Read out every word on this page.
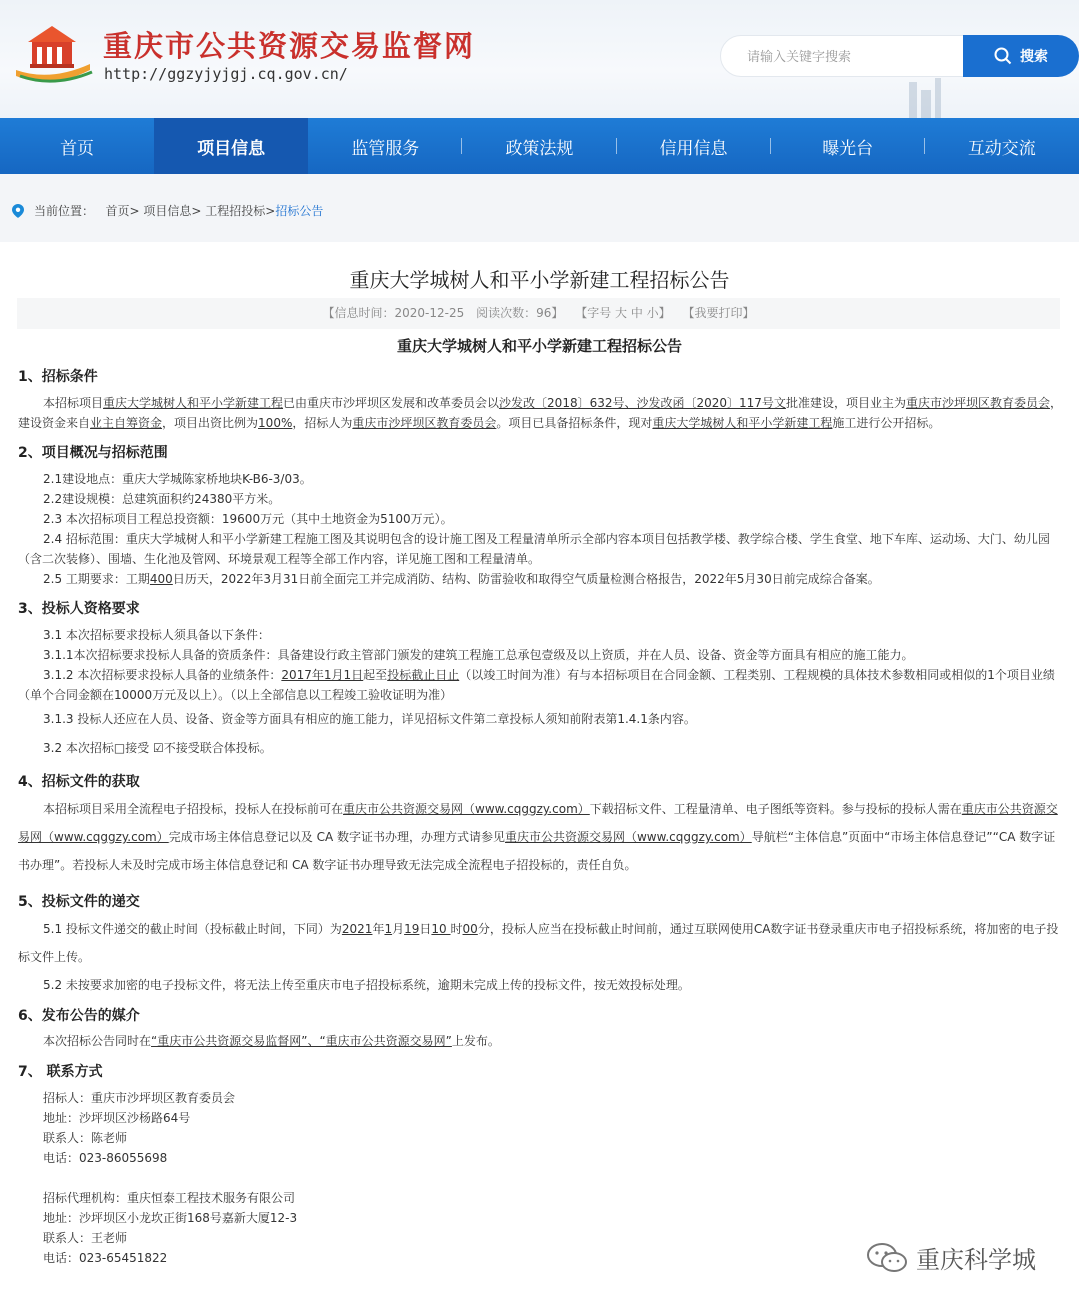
重庆市公共资源交易监督网
http://ggzyjyjgj.cq.gov.cn/
请输入关键字搜索
搜索
首页	项目信息	监管服务	政策法规	信用信息	曝光台	互动交流
当前位置：
首页 >
项目信息 >
工程招投标 > 招标公告
重庆大学城树人和平小学新建工程招标公告
【信息时间：2020-12-25 阅读次数：96】 【字号 大 中 小】 【我要打印】
重庆大学城树人和平小学新建工程招标公告
1、招标条件
本招标项目重庆大学城树人和平小学新建工程已由重庆市沙坪坝区发展和改革委员会以沙发改〔2018〕632号、沙发改函〔2020〕117号文批准建设，项目业主为重庆市沙坪坝区教育委员会，建设资金来自业主自筹资金，项目出资比例为100%，招标人为重庆市沙坪坝区教育委员会。项目已具备招标条件，现对重庆大学城树人和平小学新建工程施工进行公开招标。
2、项目概况与招标范围
2.1建设地点：重庆大学城陈家桥地块K-B6-3/03。
2.2建设规模：总建筑面积约24380平方米。
2.3 本次招标项目工程总投资额：19600万元（其中土地资金为5100万元）。
2.4 招标范围：重庆大学城树人和平小学新建工程施工图及其说明包含的设计施工图及工程量清单所示全部内容本项目包括教学楼、教学综合楼、学生食堂、地下车库、运动场、大门、幼儿园（含二次装修）、围墙、生化池及管网、环境景观工程等全部工作内容，详见施工图和工程量清单。
2.5 工期要求：工期400日历天，2022年3月31日前全面完工并完成消防、结构、防雷验收和取得空气质量检测合格报告，2022年5月30日前完成综合备案。
3、投标人资格要求
3.1 本次招标要求投标人须具备以下条件：
3.1.1本次招标要求投标人具备的资质条件：具备建设行政主管部门颁发的建筑工程施工总承包壹级及以上资质，并在人员、设备、资金等方面具有相应的施工能力。
3.1.2 本次招标要求投标人具备的业绩条件：2017年1月1日起至投标截止日止（以竣工时间为准）有与本招标项目在合同金额、工程类别、工程规模的具体技术参数相同或相似的1个项目业绩（单个合同金额在10000万元及以上）。（以上全部信息以工程竣工验收证明为准）
3.1.3 投标人还应在人员、设备、资金等方面具有相应的施工能力，详见招标文件第二章投标人须知前附表第1.4.1条内容。
3.2 本次招标□接受 ☑不接受联合体投标。
4、招标文件的获取
本招标项目采用全流程电子招投标，投标人在投标前可在重庆市公共资源交易网（www.cqggzy.com）下载招标文件、工程量清单、电子图纸等资料。参与投标的投标人需在重庆市公共资源交易网（www.cqggzy.com）完成市场主体信息登记以及 CA 数字证书办理，办理方式请参见重庆市公共资源交易网（www.cqggzy.com）导航栏“主体信息”页面中“市场主体信息登记”“CA 数字证书办理”。若投标人未及时完成市场主体信息登记和 CA 数字证书办理导致无法完成全流程电子招投标的，责任自负。
5、投标文件的递交
5.1 投标文件递交的截止时间（投标截止时间，下同）为2021年1月19日10 时00分，投标人应当在投标截止时间前，通过互联网使用CA数字证书登录重庆市电子招投标系统，将加密的电子投标文件上传。
5.2 未按要求加密的电子投标文件，将无法上传至重庆市电子招投标系统，逾期未完成上传的投标文件，按无效投标处理。
6、发布公告的媒介
本次招标公告同时在“重庆市公共资源交易监督网”、“重庆市公共资源交易网”上发布。
7、 联系方式
招标人：重庆市沙坪坝区教育委员会
地址：沙坪坝区沙杨路64号
联系人：陈老师
电话：023-86055698
招标代理机构：重庆恒泰工程技术服务有限公司
地址：沙坪坝区小龙坎正街168号嘉新大厦12-3
联系人：王老师
电话：023-65451822	重庆科学城
